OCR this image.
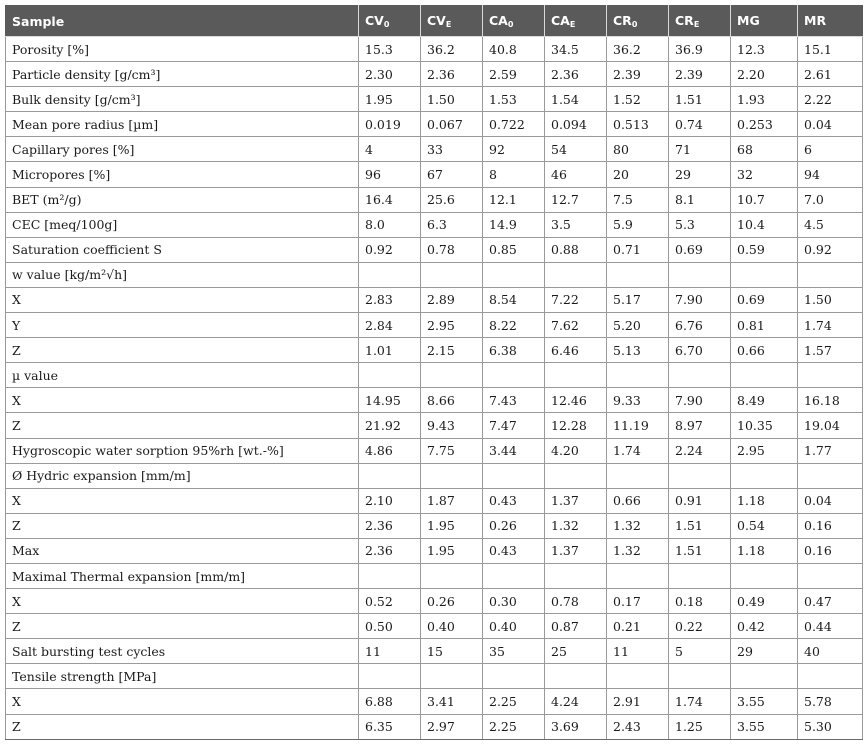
Sample	$CV_0$	$CV_E$	$CA_0$	$CA_E$	$CR_0$	$CR_E$	MG	MR
Porosity [%]	15.3	36.2	40.8	34.5	36.2	36.9	12.3	15.1
Particle density [g/cm³]	2.30	2.36	2.59	2.36	2.39	2.39	2.20	2.61
Bulk density [g/cm³]	1.95	1.50	1.53	1.54	1.52	1.51	1.93	2.22
Mean pore radius [µm]	0.019	0.067	0.722	0.094	0.513	0.74	0.253	0.04
Capillary pores [%]	4	33	92	54	80	71	68	6
Micropores [%]	96	67	8	46	20	29	32	94
BET (m²/g)	16.4	25.6	12.1	12.7	7.5	8.1	10.7	7.0
CEC [meq/100g]	8.0	6.3	14.9	3.5	5.9	5.3	10.4	4.5
Saturation coefficient S	0.92	0.78	0.85	0.88	0.71	0.69	0.59	0.92
w value [kg/m²√h]								
X	2.83	2.89	8.54	7.22	5.17	7.90	0.69	1.50
Y	2.84	2.95	8.22	7.62	5.20	6.76	0.81	1.74
Z	1.01	2.15	6.38	6.46	5.13	6.70	0.66	1.57
µ value								
X	14.95	8.66	7.43	12.46	9.33	7.90	8.49	16.18
Z	21.92	9.43	7.47	12.28	11.19	8.97	10.35	19.04
Hygroscopic water sorption 95%rh [wt.-%]	4.86	7.75	3.44	4.20	1.74	2.24	2.95	1.77
Ø Hydric expansion [mm/m]								
X	2.10	1.87	0.43	1.37	0.66	0.91	1.18	0.04
Z	2.36	1.95	0.26	1.32	1.32	1.51	0.54	0.16
Max	2.36	1.95	0.43	1.37	1.32	1.51	1.18	0.16
Maximal Thermal expansion [mm/m]								
X	0.52	0.26	0.30	0.78	0.17	0.18	0.49	0.47
Z	0.50	0.40	0.40	0.87	0.21	0.22	0.42	0.44
Salt bursting test cycles	11	15	35	25	11	5	29	40
Tensile strength [MPa]								
X	6.88	3.41	2.25	4.24	2.91	1.74	3.55	5.78
Z	6.35	2.97	2.25	3.69	2.43	1.25	3.55	5.30
